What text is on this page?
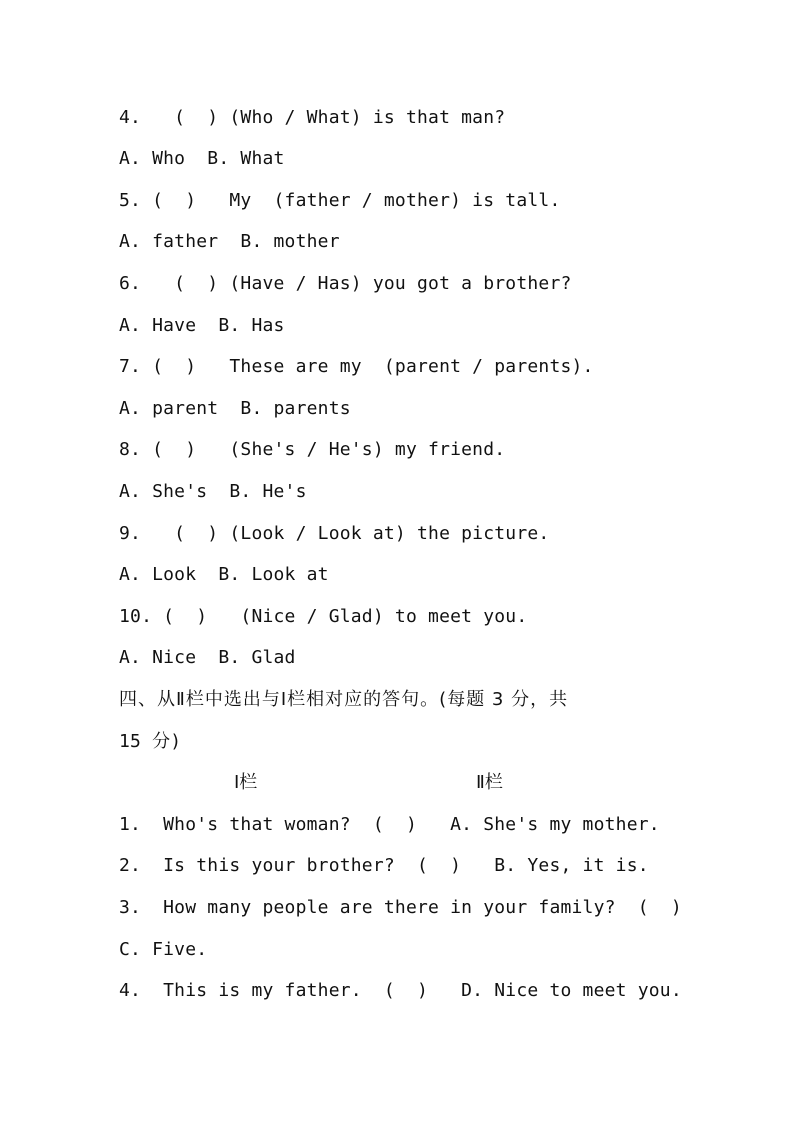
4.   (  ) (Who / What) is that man?
A. Who  B. What
5. (  )   My  (father / mother) is tall.
A. father  B. mother
6.   (  ) (Have / Has) you got a brother?
A. Have  B. Has
7. (  )   These are my  (parent / parents).
A. parent  B. parents
8. (  )   (She's / He's) my friend.
A. She's  B. He's
9.   (  ) (Look / Look at) the picture.
A. Look  B. Look at
10. (  )   (Nice / Glad) to meet you.
A. Nice  B. Glad
四、从Ⅱ栏中选出与Ⅰ栏相对应的答句。(每题 3 分，共
15 分)
Ⅰ栏	Ⅱ栏
1.  Who's that woman?  (  )   A. She's my mother.
2.  Is this your brother?  (  )   B. Yes, it is.
3.  How many people are there in your family?  (  )
C. Five.
4.  This is my father.  (  )   D. Nice to meet you.
